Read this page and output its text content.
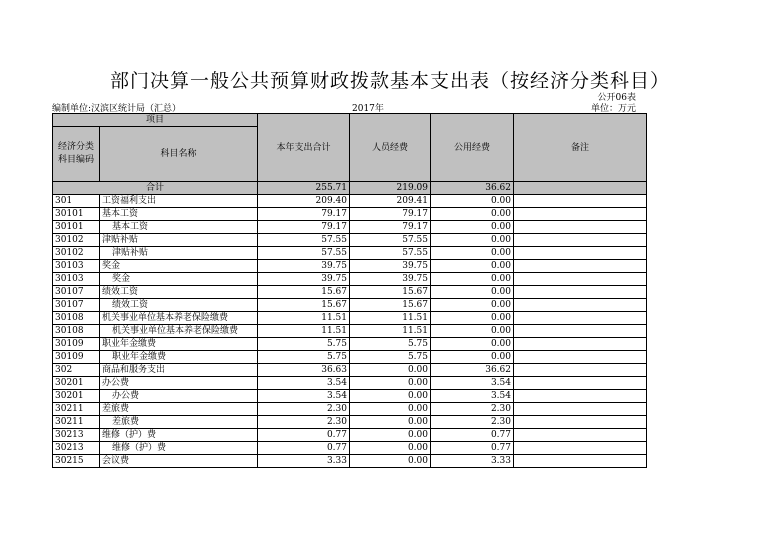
部门决算一般公共预算财政拨款基本支出表（按经济分类科目）
公开06表
编制单位:汉滨区统计局（汇总）	2017年	单位：万元
项目		本年支出合计	人员经费	公用经费	备注
经济分类科目编码	科目名称				
合计		255.71	219.09	36.62	
301	工资福利支出	209.40	209.41	0.00	
30101	基本工资	79.17	79.17	0.00	
30101	基本工资	79.17	79.17	0.00	
30102	津贴补贴	57.55	57.55	0.00	
30102	津贴补贴	57.55	57.55	0.00	
30103	奖金	39.75	39.75	0.00	
30103	奖金	39.75	39.75	0.00	
30107	绩效工资	15.67	15.67	0.00	
30107	绩效工资	15.67	15.67	0.00	
30108	机关事业单位基本养老保险缴费	11.51	11.51	0.00	
30108	机关事业单位基本养老保险缴费	11.51	11.51	0.00	
30109	职业年金缴费	5.75	5.75	0.00	
30109	职业年金缴费	5.75	5.75	0.00	
302	商品和服务支出	36.63	0.00	36.62	
30201	办公费	3.54	0.00	3.54	
30201	办公费	3.54	0.00	3.54	
30211	差旅费	2.30	0.00	2.30	
30211	差旅费	2.30	0.00	2.30	
30213	维修（护）费	0.77	0.00	0.77	
30213	维修（护）费	0.77	0.00	0.77	
30215	会议费	3.33	0.00	3.33	
